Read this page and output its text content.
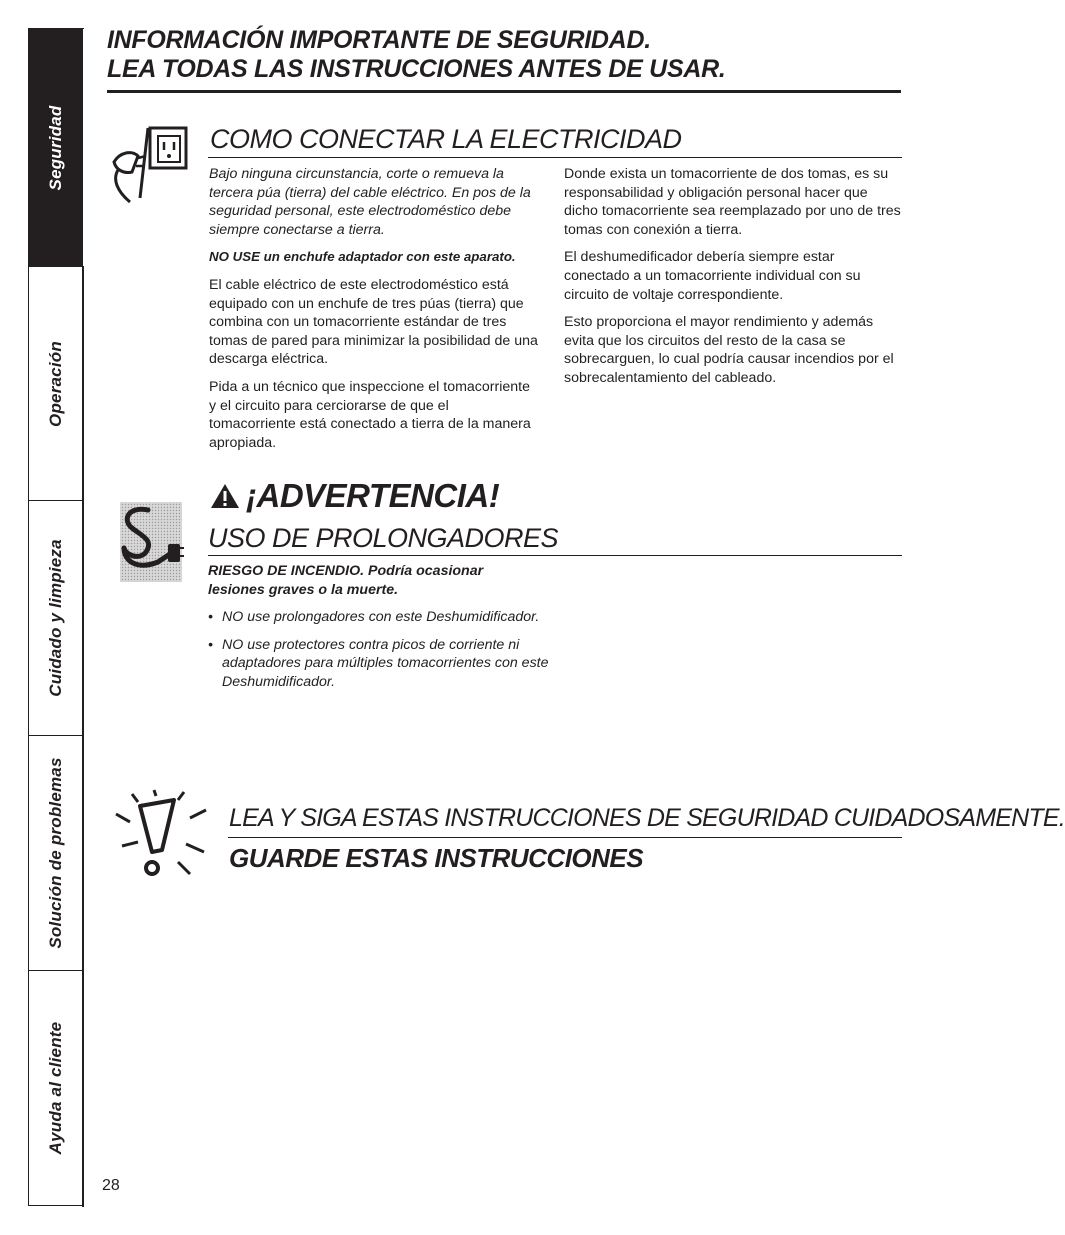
Seguridad
Operación
Cuidado y limpieza
Solución de problemas
Ayuda al cliente
INFORMACIÓN IMPORTANTE DE SEGURIDAD.
LEA TODAS LAS INSTRUCCIONES ANTES DE USAR.
COMO CONECTAR LA ELECTRICIDAD

Bajo ninguna circunstancia, corte o remueva la tercera púa (tierra) del cable eléctrico. En pos de la seguridad personal, este electrodoméstico debe siempre conectarse a tierra.

NO USE un enchufe adaptador con este aparato.

El cable eléctrico de este electrodoméstico está equipado con un enchufe de tres púas (tierra) que combina con un tomacorriente estándar de tres tomas de pared para minimizar la posibilidad de una descarga eléctrica.

Pida a un técnico que inspeccione el tomacorriente y el circuito para cerciorarse de que el tomacorriente está conectado a tierra de la manera apropiada.

Donde exista un tomacorriente de dos tomas, es su responsabilidad y obligación personal hacer que dicho tomacorriente sea reemplazado por uno de tres tomas con conexión a tierra.

El deshumedificador debería siempre estar conectado a un tomacorriente individual con su circuito de voltaje correspondiente.

Esto proporciona el mayor rendimiento y además evita que los circuitos del resto de la casa se sobrecarguen, lo cual podría causar incendios por el sobrecalentamiento del cableado.

¡ADVERTENCIA!
USO DE PROLONGADORES

RIESGO DE INCENDIO. Podría ocasionar lesiones graves o la muerte.

• NO use prolongadores con este Deshumidificador.
• NO use protectores contra picos de corriente ni adaptadores para múltiples tomacorrientes con este Deshumidificador.
LEA Y SIGA ESTAS INSTRUCCIONES DE SEGURIDAD CUIDADOSAMENTE.
GUARDE ESTAS INSTRUCCIONES
28
